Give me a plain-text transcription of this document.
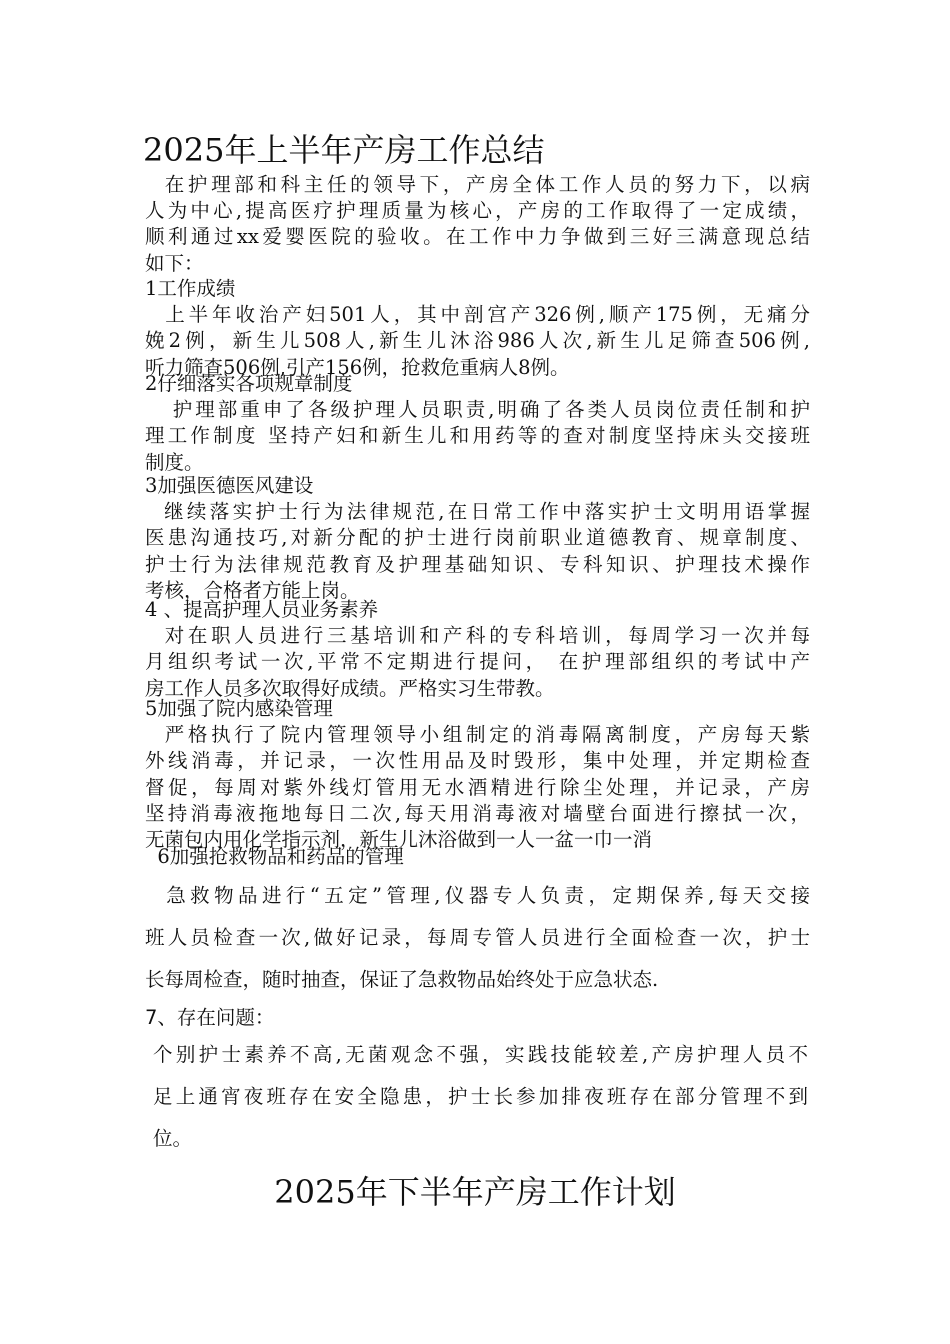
2025年上半年产房工作总结
在护理部和科主任的领导下，产房全体工作人员的努力下，以病
人为中心,提高医疗护理质量为核心，产房的工作取得了一定成绩，
顺利通过xx爱婴医院的验收。在工作中力争做到三好三满意现总结
如下：
1工作成绩
上半年收治产妇501人，其中剖宫产326例,顺产175例，无痛分
娩2例，新生儿508人,新生儿沐浴986人次,新生儿足筛查506例,
听力筛查506例,引产156例，抢救危重病人8例。
2仔细落实各项规章制度
护理部重申了各级护理人员职责,明确了各类人员岗位责任制和护
理工作制度 坚持产妇和新生儿和用药等的查对制度坚持床头交接班
制度。
3加强医德医风建设
继续落实护士行为法律规范,在日常工作中落实护士文明用语掌握
医患沟通技巧,对新分配的护士进行岗前职业道德教育、规章制度、
护士行为法律规范教育及护理基础知识、专科知识、护理技术操作
考核，合格者方能上岗。
4 、提高护理人员业务素养
对在职人员进行三基培训和产科的专科培训，每周学习一次并每
月组织考试一次,平常不定期进行提问， 在护理部组织的考试中产
房工作人员多次取得好成绩。严格实习生带教。
5加强了院内感染管理
严格执行了院内管理领导小组制定的消毒隔离制度，产房每天紫
外线消毒，并记录，一次性用品及时毁形，集中处理，并定期检查
督促，每周对紫外线灯管用无水酒精进行除尘处理，并记录，产房
坚持消毒液拖地每日二次,每天用消毒液对墙壁台面进行擦拭一次，
无菌包内用化学指示剂，新生儿沐浴做到一人一盆一巾一消
6加强抢救物品和药品的管理
急救物品进行“五定”管理,仪器专人负责，定期保养,每天交接
班人员检查一次,做好记录，每周专管人员进行全面检查一次，护士
长每周检查，随时抽查，保证了急救物品始终处于应急状态.
7、存在问题：
个别护士素养不高,无菌观念不强，实践技能较差,产房护理人员不
足上通宵夜班存在安全隐患，护士长参加排夜班存在部分管理不到
位。
2025年下半年产房工作计划
